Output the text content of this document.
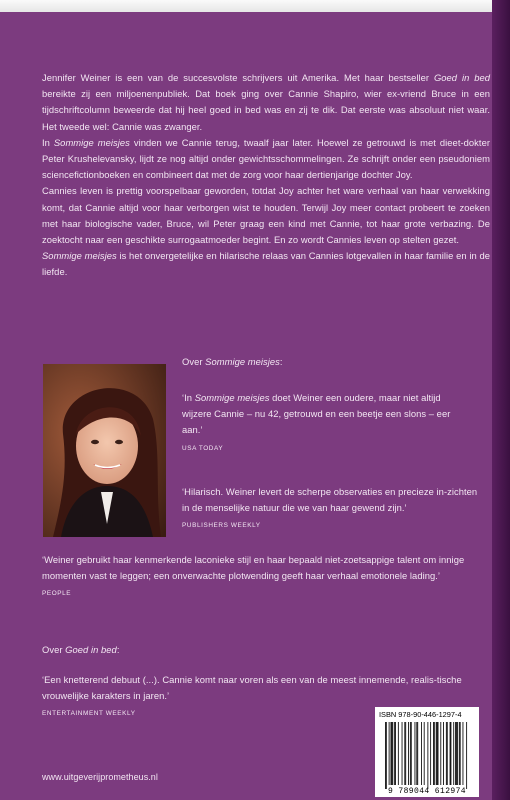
Jennifer Weiner is een van de succesvolste schrijvers uit Amerika. Met haar bestseller Goed in bed bereikte zij een miljoenenpubliek. Dat boek ging over Cannie Shapiro, wier ex-vriend Bruce in een tijdschriftcolumn beweerde dat hij heel goed in bed was en zij te dik. Dat eerste was absoluut niet waar. Het tweede wel: Cannie was zwanger.

In Sommige meisjes vinden we Cannie terug, twaalf jaar later. Hoewel ze getrouwd is met dieet-dokter Peter Krushelevansky, lijdt ze nog altijd onder gewichtsschommelingen. Ze schrijft onder een pseudoniem sciencefictionboeken en combineert dat met de zorg voor haar dertienjarige dochter Joy.

Cannies leven is prettig voorspelbaar geworden, totdat Joy achter het ware verhaal van haar verwekking komt, dat Cannie altijd voor haar verborgen wist te houden. Terwijl Joy meer contact probeert te zoeken met haar biologische vader, Bruce, wil Peter graag een kind met Cannie, tot haar grote verbazing. De zoektocht naar een geschikte surrogaatmoeder begint. En zo wordt Cannies leven op stelten gezet.

Sommige meisjes is het onvergetelijke en hilarische relaas van Cannies lotgevallen in haar familie en in de liefde.

Over Sommige meisjes:

‘In Sommige meisjes doet Weiner een oudere, maar niet altijd wijzere Cannie – nu 42, getrouwd en een beetje een slons – eer aan.’

USA TODAY

‘Hilarisch. Weiner levert de scherpe observaties en precieze in-zichten in de menselijke natuur die we van haar gewend zijn.’

PUBLISHERS WEEKLY

‘Weiner gebruikt haar kenmerkende laconieke stijl en haar bepaald niet-zoetsappige talent om innige momenten vast te leggen; een onverwachte plotwending geeft haar verhaal emotionele lading.’

PEOPLE
Over Goed in bed:

‘Een knetterend debuut (...). Cannie komt naar voren als een van de meest innemende, realis-tische vrouwelijke karakters in jaren.’

ENTERTAINMENT WEEKLY
www.uitgeverijprometheus.nl
ISBN 978-90-446-1297-4
9 789044 612974
